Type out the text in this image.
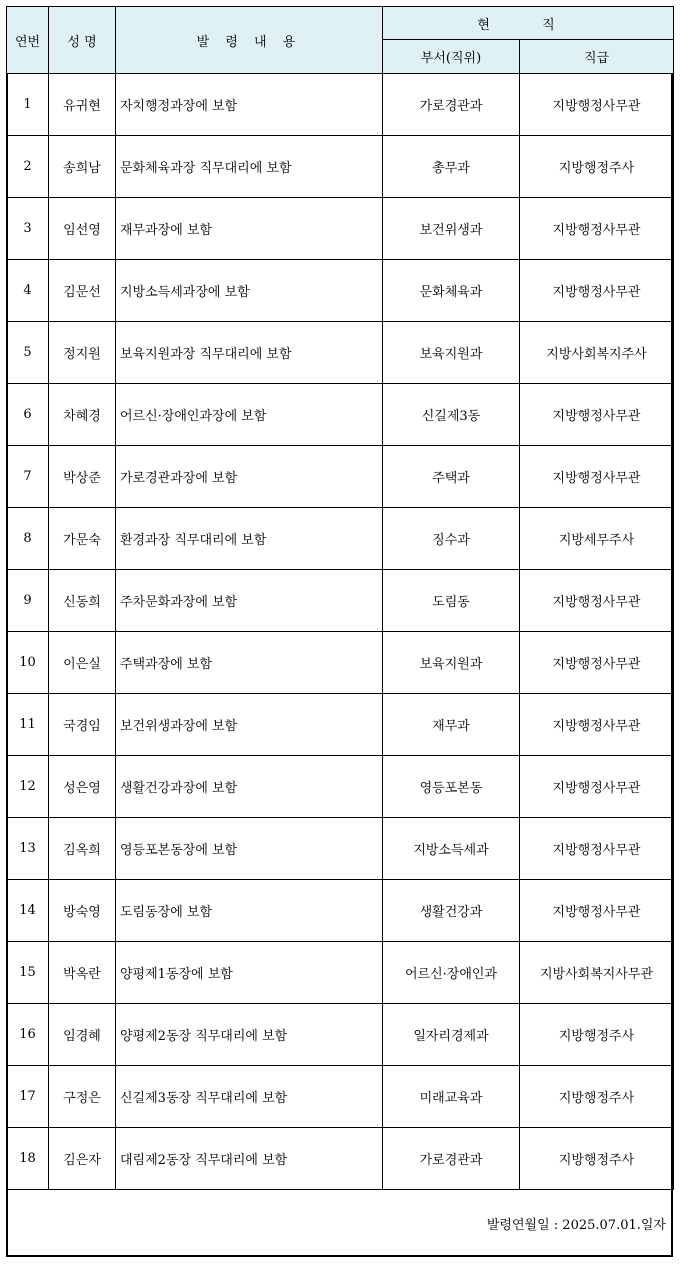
연번	성 명	발 령 내 용	현 직	
			부서(직위)	직급
1	유귀현	자치행정과장에 보함	가로경관과	지방행정사무관
2	송희남	문화체육과장 직무대리에 보함	총무과	지방행정주사
3	임선영	재무과장에 보함	보건위생과	지방행정사무관
4	김문선	지방소득세과장에 보함	문화체육과	지방행정사무관
5	정지원	보육지원과장 직무대리에 보함	보육지원과	지방사회복지주사
6	차혜경	어르신·장애인과장에 보함	신길제3동	지방행정사무관
7	박상준	가로경관과장에 보함	주택과	지방행정사무관
8	가문숙	환경과장 직무대리에 보함	징수과	지방세무주사
9	신동희	주차문화과장에 보함	도림동	지방행정사무관
10	이은실	주택과장에 보함	보육지원과	지방행정사무관
11	국경임	보건위생과장에 보함	재무과	지방행정사무관
12	성은영	생활건강과장에 보함	영등포본동	지방행정사무관
13	김옥희	영등포본동장에 보함	지방소득세과	지방행정사무관
14	방숙영	도림동장에 보함	생활건강과	지방행정사무관
15	박옥란	양평제1동장에 보함	어르신·장애인과	지방사회복지사무관
16	임경혜	양평제2동장 직무대리에 보함	일자리경제과	지방행정주사
17	구정은	신길제3동장 직무대리에 보함	미래교육과	지방행정주사
18	김은자	대림제2동장 직무대리에 보함	가로경관과	지방행정주사
발령연월일 : 2025.07.01.일자
